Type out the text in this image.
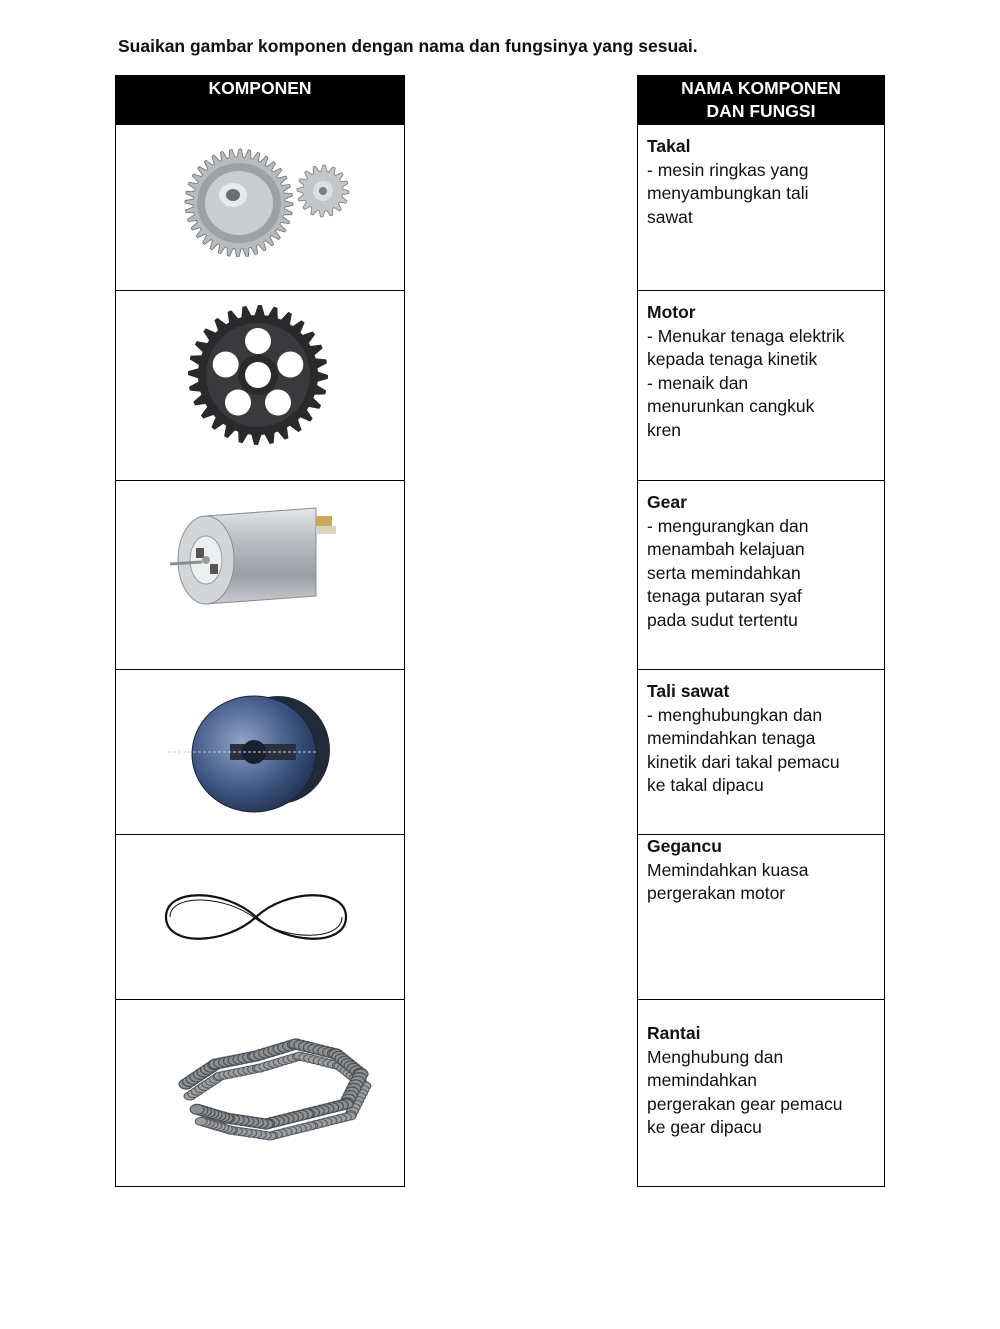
Suaikan gambar komponen dengan nama dan fungsinya yang sesuai.
KOMPONEN	NAMA KOMPONEN
DAN FUNGSI
Takal
- mesin ringkas yang
menyambungkan tali
sawat
Motor
- Menukar tenaga elektrik
kepada tenaga kinetik
- menaik dan
menurunkan cangkuk
kren
Gear
- mengurangkan dan
menambah kelajuan
serta memindahkan
tenaga putaran syaf
pada sudut tertentu
Tali sawat
- menghubungkan dan
memindahkan tenaga
kinetik dari takal pemacu
ke takal dipacu
Gegancu
Memindahkan kuasa
pergerakan motor
Rantai
Menghubung dan
memindahkan
pergerakan gear pemacu
ke gear dipacu
